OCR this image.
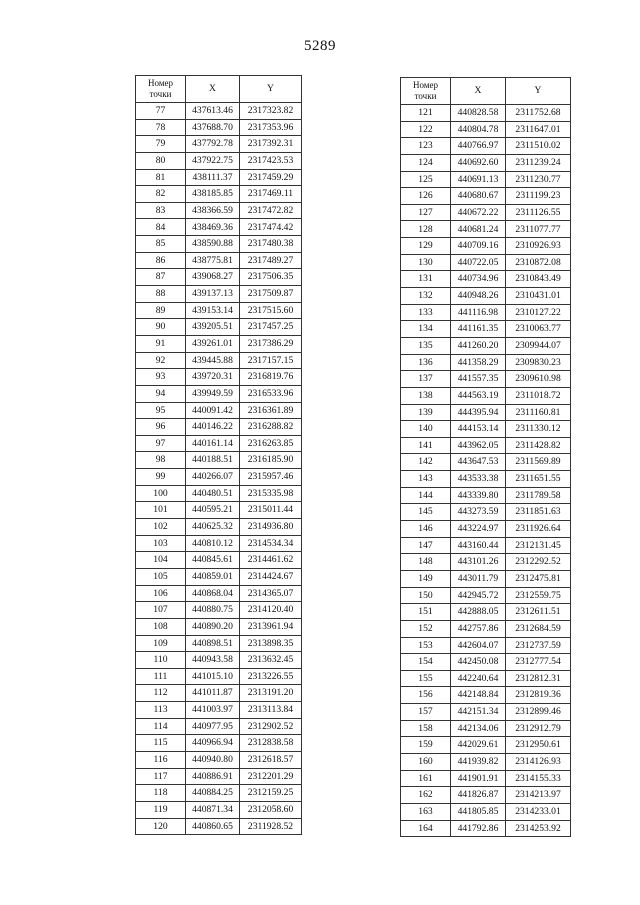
5289
Номер
точки	X	Y
77	437613.46	2317323.82
78	437688.70	2317353.96
79	437792.78	2317392.31
80	437922.75	2317423.53
81	438111.37	2317459.29
82	438185.85	2317469.11
83	438366.59	2317472.82
84	438469.36	2317474.42
85	438590.88	2317480.38
86	438775.81	2317489.27
87	439068.27	2317506.35
88	439137.13	2317509.87
89	439153.14	2317515.60
90	439205.51	2317457.25
91	439261.01	2317386.29
92	439445.88	2317157.15
93	439720.31	2316819.76
94	439949.59	2316533.96
95	440091.42	2316361.89
96	440146.22	2316288.82
97	440161.14	2316263.85
98	440188.51	2316185.90
99	440266.07	2315957.46
100	440480.51	2315335.98
101	440595.21	2315011.44
102	440625.32	2314936.80
103	440810.12	2314534.34
104	440845.61	2314461.62
105	440859.01	2314424.67
106	440868.04	2314365.07
107	440880.75	2314120.40
108	440890.20	2313961.94
109	440898.51	2313898.35
110	440943.58	2313632.45
111	441015.10	2313226.55
112	441011.87	2313191.20
113	441003.97	2313113.84
114	440977.95	2312902.52
115	440966.94	2312838.58
116	440940.80	2312618.57
117	440886.91	2312201.29
118	440884.25	2312159.25
119	440871.34	2312058.60
120	440860.65	2311928.52
Номер
точки	X	Y
121	440828.58	2311752.68
122	440804.78	2311647.01
123	440766.97	2311510.02
124	440692.60	2311239.24
125	440691.13	2311230.77
126	440680.67	2311199.23
127	440672.22	2311126.55
128	440681.24	2311077.77
129	440709.16	2310926.93
130	440722.05	2310872.08
131	440734.96	2310843.49
132	440948.26	2310431.01
133	441116.98	2310127.22
134	441161.35	2310063.77
135	441260.20	2309944.07
136	441358.29	2309830.23
137	441557.35	2309610.98
138	444563.19	2311018.72
139	444395.94	2311160.81
140	444153.14	2311330.12
141	443962.05	2311428.82
142	443647.53	2311569.89
143	443533.38	2311651.55
144	443339.80	2311789.58
145	443273.59	2311851.63
146	443224.97	2311926.64
147	443160.44	2312131.45
148	443101.26	2312292.52
149	443011.79	2312475.81
150	442945.72	2312559.75
151	442888.05	2312611.51
152	442757.86	2312684.59
153	442604.07	2312737.59
154	442450.08	2312777.54
155	442240.64	2312812.31
156	442148.84	2312819.36
157	442151.34	2312899.46
158	442134.06	2312912.79
159	442029.61	2312950.61
160	441939.82	2314126.93
161	441901.91	2314155.33
162	441826.87	2314213.97
163	441805.85	2314233.01
164	441792.86	2314253.92
